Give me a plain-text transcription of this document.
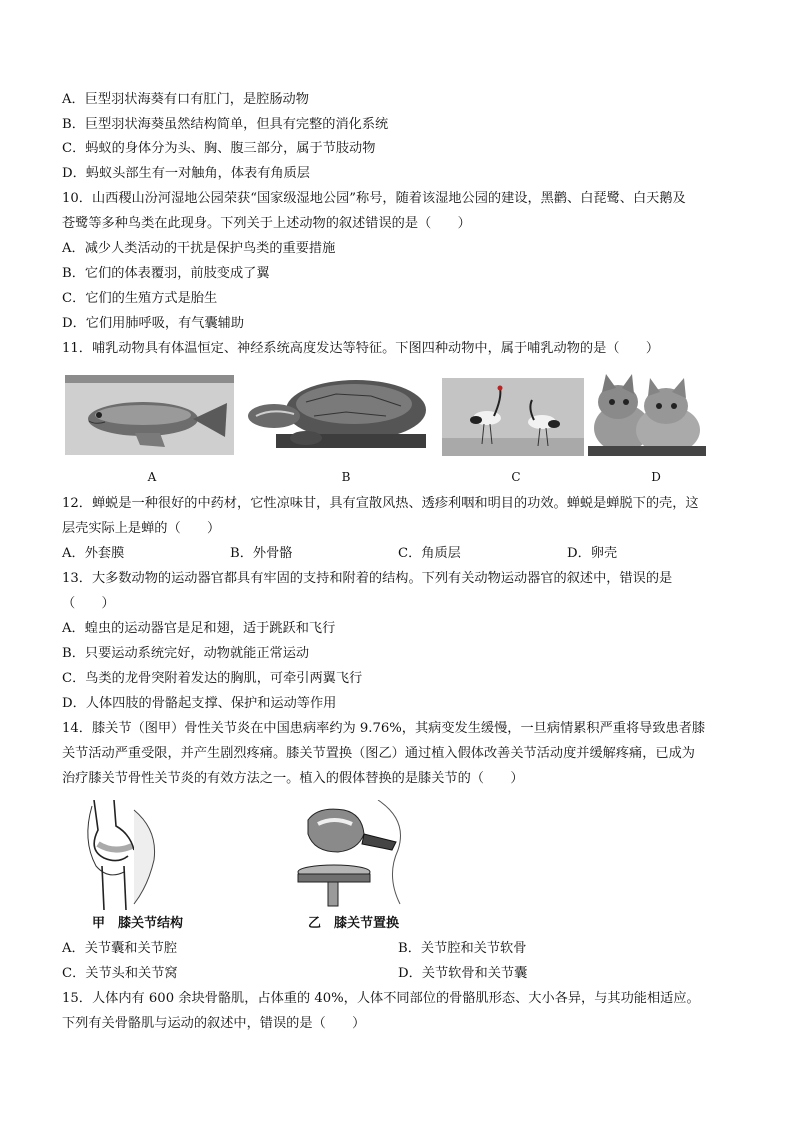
A．巨型羽状海葵有口有肛门，是腔肠动物
B．巨型羽状海葵虽然结构简单，但具有完整的消化系统
C．蚂蚁的身体分为头、胸、腹三部分，属于节肢动物
D．蚂蚁头部生有一对触角，体表有角质层
10．山西稷山汾河湿地公园荣获“国家级湿地公园”称号，随着该湿地公园的建设，黑鹳、白琵鹭、白天鹅及
苍鹭等多种鸟类在此现身。下列关于上述动物的叙述错误的是（　　）
A．减少人类活动的干扰是保护鸟类的重要措施
B．它们的体表覆羽，前肢变成了翼
C．它们的生殖方式是胎生
D．它们用肺呼吸，有气囊辅助
11．哺乳动物具有体温恒定、神经系统高度发达等特征。下图四种动物中，属于哺乳动物的是（　　）
A	B	C	D
12．蝉蜕是一种很好的中药材，它性凉味甘，具有宣散风热、透疹利咽和明目的功效。蝉蜕是蝉脱下的壳，这
层壳实际上是蝉的（　　）
A．外套膜	B．外骨骼	C．角质层	D．卵壳
13．大多数动物的运动器官都具有牢固的支持和附着的结构。下列有关动物运动器官的叙述中，错误的是
（　　）
A．蝗虫的运动器官是足和翅，适于跳跃和飞行
B．只要运动系统完好，动物就能正常运动
C．鸟类的龙骨突附着发达的胸肌，可牵引两翼飞行
D．人体四肢的骨骼起支撑、保护和运动等作用
14．膝关节（图甲）骨性关节炎在中国患病率约为 9.76%，其病变发生缓慢，一旦病情累积严重将导致患者膝
关节活动严重受限，并产生剧烈疼痛。膝关节置换（图乙）通过植入假体改善关节活动度并缓解疼痛，已成为
治疗膝关节骨性关节炎的有效方法之一。植入的假体替换的是膝关节的（　　）
甲　膝关节结构	乙　膝关节置换
A．关节囊和关节腔	B．关节腔和关节软骨
C．关节头和关节窝	D．关节软骨和关节囊
15．人体内有 600 余块骨骼肌，占体重的 40%，人体不同部位的骨骼肌形态、大小各异，与其功能相适应。
下列有关骨骼肌与运动的叙述中，错误的是（　　）
